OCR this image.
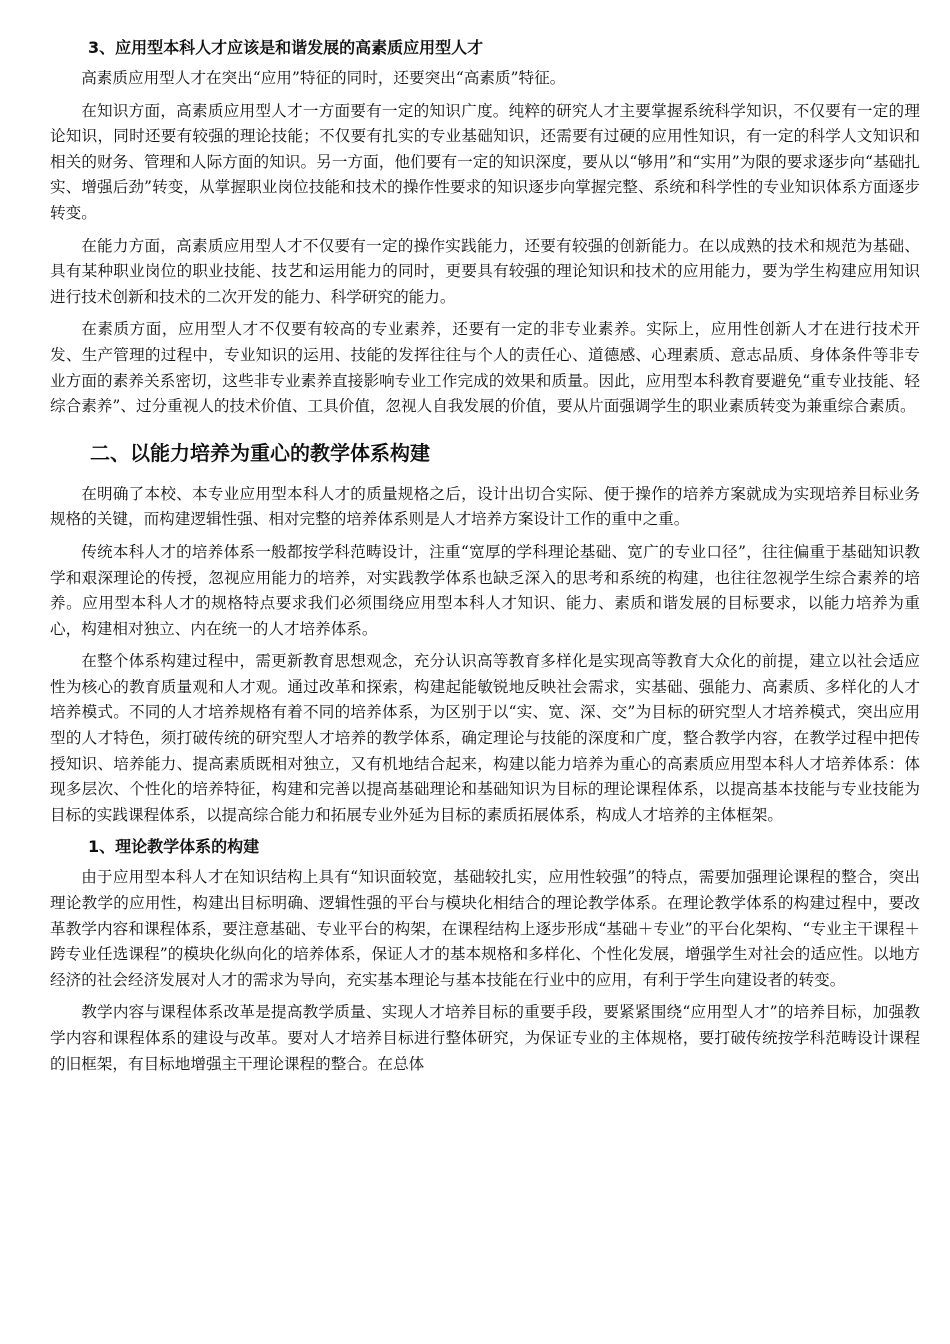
3、应用型本科人才应该是和谐发展的高素质应用型人才

高素质应用型人才在突出“应用”特征的同时，还要突出“高素质”特征。

在知识方面，高素质应用型人才一方面要有一定的知识广度。纯粹的研究人才主要掌握系统科学知识，不仅要有一定的理论知识，同时还要有较强的理论技能；不仅要有扎实的专业基础知识，还需要有过硬的应用性知识，有一定的科学人文知识和相关的财务、管理和人际方面的知识。另一方面，他们要有一定的知识深度，要从以“够用”和“实用”为限的要求逐步向“基础扎实、增强后劲”转变，从掌握职业岗位技能和技术的操作性要求的知识逐步向掌握完整、系统和科学性的专业知识体系方面逐步转变。

在能力方面，高素质应用型人才不仅要有一定的操作实践能力，还要有较强的创新能力。在以成熟的技术和规范为基础、具有某种职业岗位的职业技能、技艺和运用能力的同时，更要具有较强的理论知识和技术的应用能力，要为学生构建应用知识进行技术创新和技术的二次开发的能力、科学研究的能力。

在素质方面，应用型人才不仅要有较高的专业素养，还要有一定的非专业素养。实际上，应用性创新人才在进行技术开发、生产管理的过程中，专业知识的运用、技能的发挥往往与个人的责任心、道德感、心理素质、意志品质、身体条件等非专业方面的素养关系密切，这些非专业素养直接影响专业工作完成的效果和质量。因此，应用型本科教育要避免“重专业技能、轻综合素养”、过分重视人的技术价值、工具价值，忽视人自我发展的价值，要从片面强调学生的职业素质转变为兼重综合素质。

二、以能力培养为重心的教学体系构建

在明确了本校、本专业应用型本科人才的质量规格之后，设计出切合实际、便于操作的培养方案就成为实现培养目标业务规格的关键，而构建逻辑性强、相对完整的培养体系则是人才培养方案设计工作的重中之重。

传统本科人才的培养体系一般都按学科范畴设计，注重“宽厚的学科理论基础、宽广的专业口径”，往往偏重于基础知识教学和艰深理论的传授，忽视应用能力的培养，对实践教学体系也缺乏深入的思考和系统的构建，也往往忽视学生综合素养的培养。应用型本科人才的规格特点要求我们必须围绕应用型本科人才知识、能力、素质和谐发展的目标要求，以能力培养为重心，构建相对独立、内在统一的人才培养体系。

在整个体系构建过程中，需更新教育思想观念，充分认识高等教育多样化是实现高等教育大众化的前提，建立以社会适应性为核心的教育质量观和人才观。通过改革和探索，构建起能敏锐地反映社会需求，实基础、强能力、高素质、多样化的人才培养模式。不同的人才培养规格有着不同的培养体系，为区别于以“实、宽、深、交”为目标的研究型人才培养模式，突出应用型的人才特色，须打破传统的研究型人才培养的教学体系，确定理论与技能的深度和广度，整合教学内容，在教学过程中把传授知识、培养能力、提高素质既相对独立，又有机地结合起来，构建以能力培养为重心的高素质应用型本科人才培养体系：体现多层次、个性化的培养特征，构建和完善以提高基础理论和基础知识为目标的理论课程体系，以提高基本技能与专业技能为目标的实践课程体系，以提高综合能力和拓展专业外延为目标的素质拓展体系，构成人才培养的主体框架。

1、理论教学体系的构建

由于应用型本科人才在知识结构上具有“知识面较宽，基础较扎实，应用性较强”的特点，需要加强理论课程的整合，突出理论教学的应用性，构建出目标明确、逻辑性强的平台与模块化相结合的理论教学体系。在理论教学体系的构建过程中，要改革教学内容和课程体系，要注意基础、专业平台的构架，在课程结构上逐步形成“基础＋专业”的平台化架构、“专业主干课程＋跨专业任选课程”的模块化纵向化的培养体系，保证人才的基本规格和多样化、个性化发展，增强学生对社会的适应性。以地方经济的社会经济发展对人才的需求为导向，充实基本理论与基本技能在行业中的应用，有利于学生向建设者的转变。

教学内容与课程体系改革是提高教学质量、实现人才培养目标的重要手段，要紧紧围绕“应用型人才”的培养目标，加强教学内容和课程体系的建设与改革。要对人才培养目标进行整体研究，为保证专业的主体规格，要打破传统按学科范畴设计课程的旧框架，有目标地增强主干理论课程的整合。在总体
